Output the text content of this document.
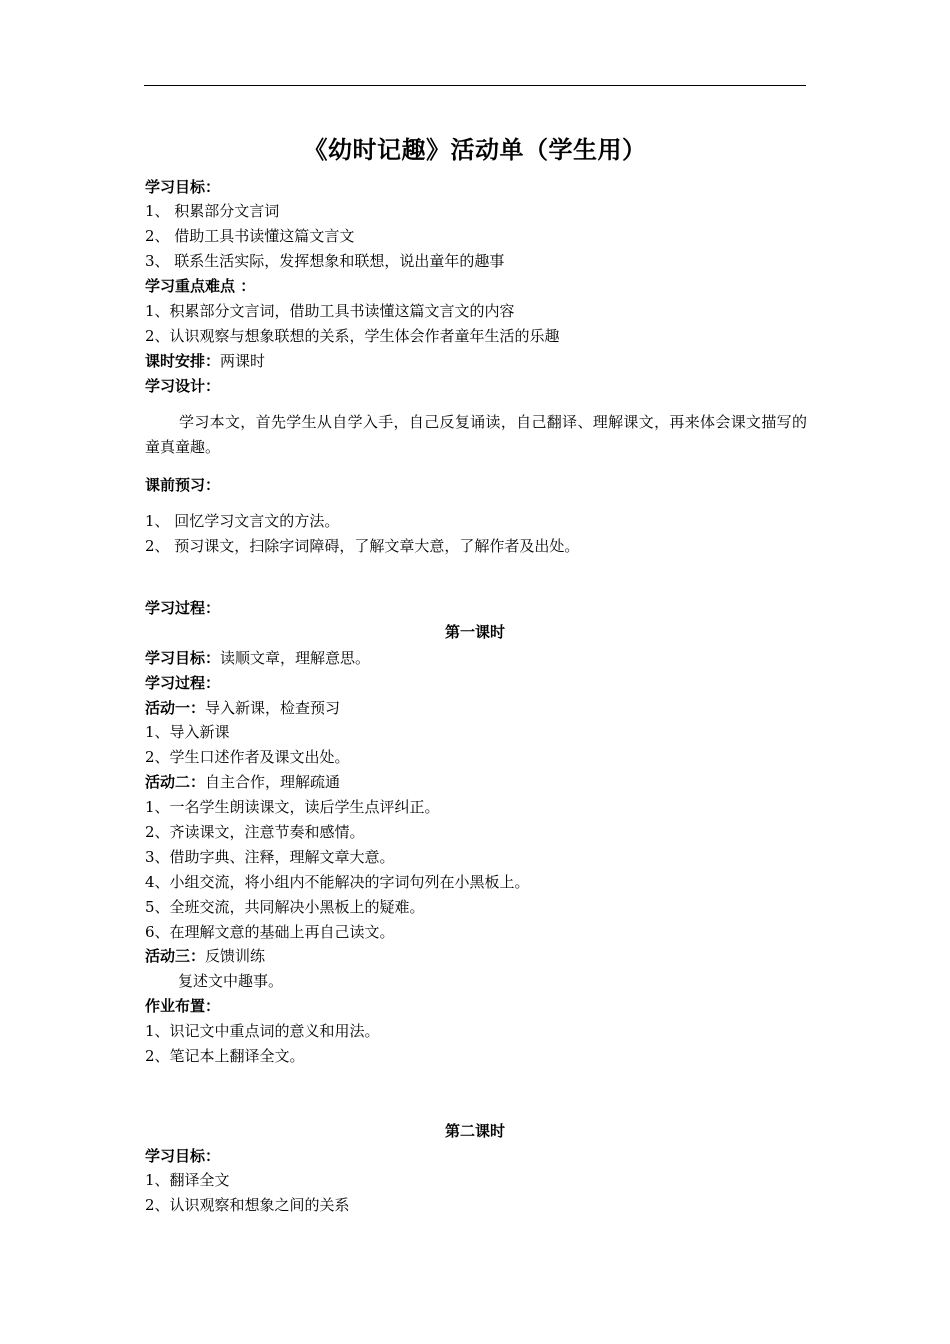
《幼时记趣》活动单（学生用）
学习目标：
1、 积累部分文言词
2、 借助工具书读懂这篇文言文
3、 联系生活实际，发挥想象和联想，说出童年的趣事
学习重点难点 ：
1、积累部分文言词，借助工具书读懂这篇文言文的内容
2、认识观察与想象联想的关系，学生体会作者童年生活的乐趣
课时安排：两课时
学习设计：
学习本文，首先学生从自学入手，自己反复诵读，自己翻译、理解课文，再来体会课文描写的童真童趣。
课前预习：
1、 回忆学习文言文的方法。
2、 预习课文，扫除字词障碍，了解文章大意，了解作者及出处。
学习过程：
第一课时
学习目标：读顺文章，理解意思。
学习过程：
活动一：导入新课，检查预习
1、导入新课
2、学生口述作者及课文出处。
活动二：自主合作，理解疏通
1、一名学生朗读课文，读后学生点评纠正。
2、齐读课文，注意节奏和感情。
3、借助字典、注释，理解文章大意。
4、小组交流，将小组内不能解决的字词句列在小黑板上。
5、全班交流，共同解决小黑板上的疑难。
6、在理解文意的基础上再自己读文。
活动三：反馈训练
复述文中趣事。
作业布置：
1、识记文中重点词的意义和用法。
2、笔记本上翻译全文。
第二课时
学习目标：
1、翻译全文
2、认识观察和想象之间的关系
